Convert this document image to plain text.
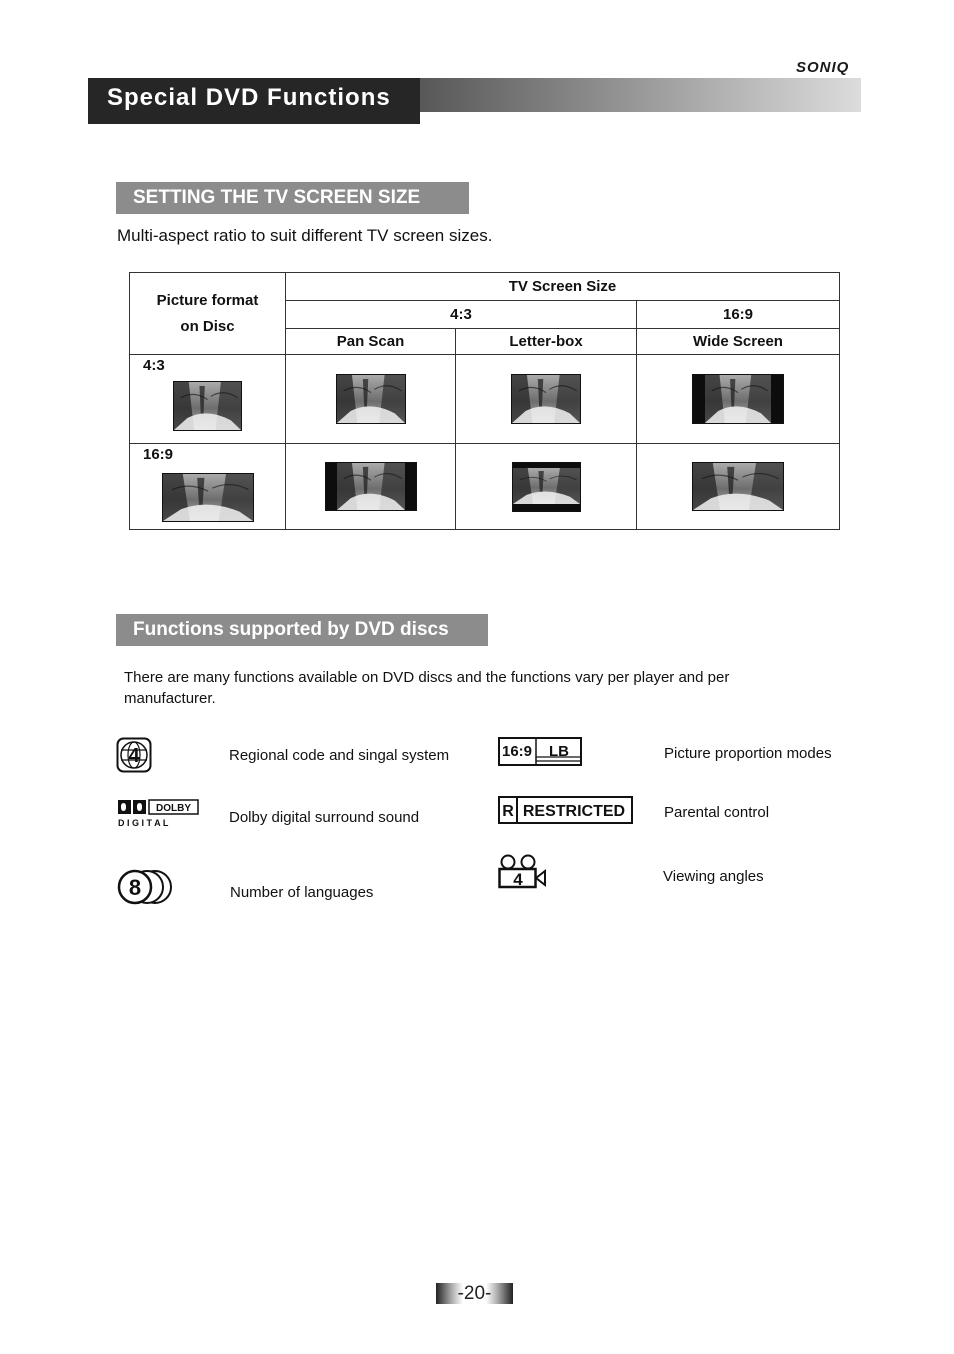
SONIQ
Special DVD Functions
SETTING THE TV SCREEN SIZE
Multi-aspect ratio to suit different TV screen sizes.
Picture format
on Disc	TV Screen Size		
	4:3		16:9
	Pan Scan	Letter-box	Wide Screen

4:3

16:9

Functions supported by DVD discs
There are many functions available on DVD discs and the functions vary per player and per manufacturer.
4	Regional code and singal system
DOLBY
D I G I T A L	Dolby digital surround sound
8	Number of languages
16:9 LB	Picture proportion modes
R RESTRICTED	Parental control
4	Viewing angles
-20-
